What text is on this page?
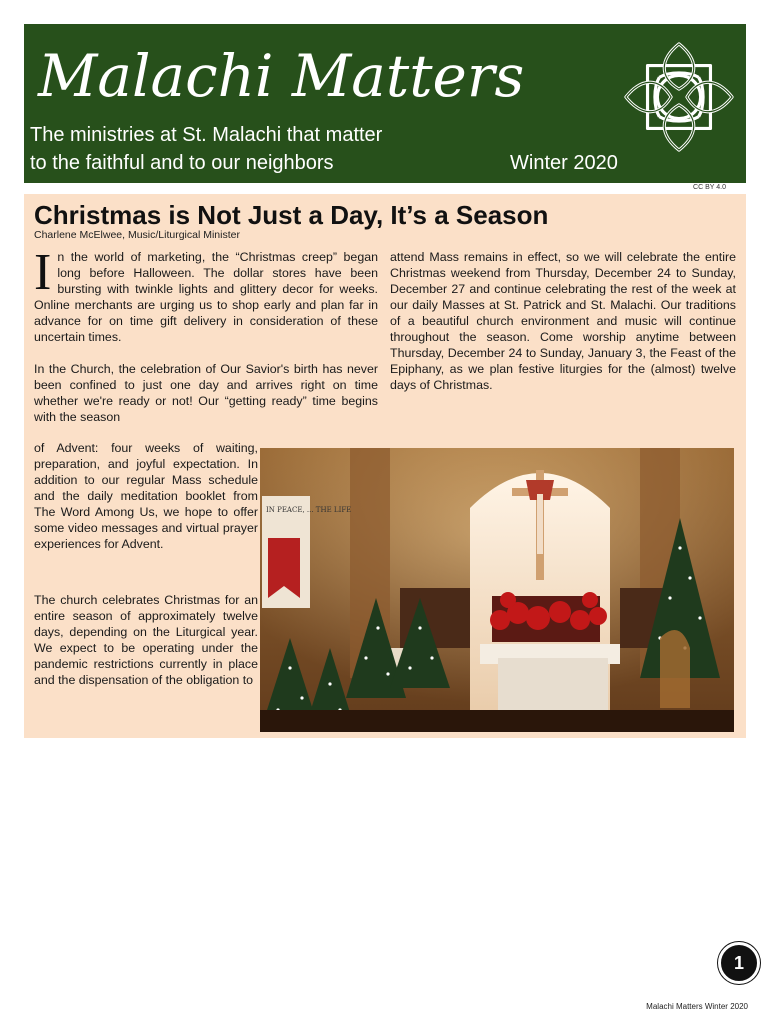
Malachi Matters
The ministries at St. Malachi that matter
to the faithful and to our neighbors	Winter 2020
CC BY 4.0
Christmas is Not Just a Day, It’s a Season
Charlene McElwee, Music/Liturgical Minister

In the world of marketing, the “Christmas creep” began long before Halloween. The dollar stores have been bursting with twinkle lights and glittery decor for weeks. Online merchants are urging us to shop early and plan far in advance for on time gift delivery in consideration of these uncertain times.

In the Church, the celebration of Our Savior's birth has never been confined to just one day and arrives right on time whether we're ready or not! Our “getting ready” time begins with the season

of Advent: four weeks of waiting, preparation, and joyful expectation. In addition to our regular Mass schedule and the daily meditation booklet from The Word Among Us, we hope to offer some video messages and virtual prayer experiences for Advent.

The church celebrates Christmas for an entire season of approximately twelve days, depending on the Liturgical year. We expect to be operating under the pandemic restrictions currently in place and the dispensation of the obligation to

attend Mass remains in effect, so we will celebrate the entire Christmas weekend from Thursday, December 24 to Sunday, December 27 and continue celebrating the rest of the week at our daily Masses at St. Patrick and St. Malachi. Our traditions of a beautiful church environment and music will continue throughout the season. Come worship anytime between Thursday, December 24 to Sunday, January 3, the Feast of the Epiphany, as we plan festive liturgies for the (almost) twelve days of Christmas.

IN PEACE, ... THE LIFE
1
Malachi Matters Winter 2020
